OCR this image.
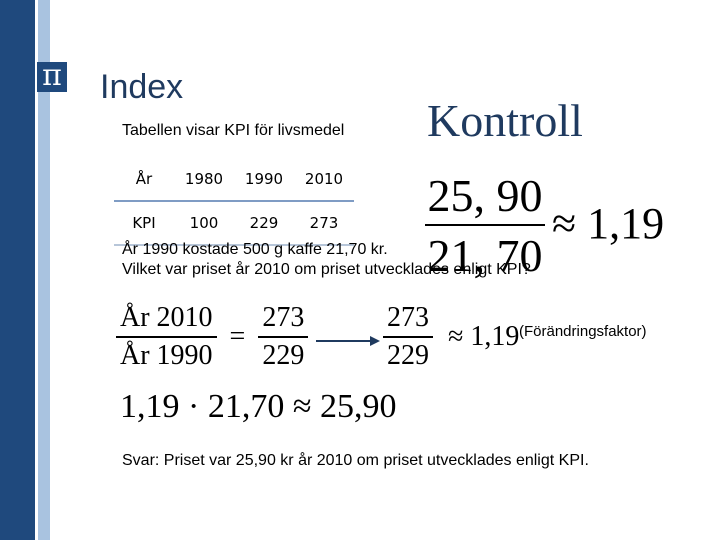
π Index
Tabellen visar KPI för livsmedel Kontroll
År	1980	1990	2010
KPI	100	229	273
År 1990 kostade 500 g kaffe 21,70 kr.
Vilket var priset år 2010 om priset utvecklades enligt KPI?
25, 90
21, 70
≈ 1,19
$\frac{År 2010}{År 1990} = \frac{273}{229}$	$\frac{273}{229} \approx 1,19$ (Förändringsfaktor)
1,19 · 21,70 ≈ 25,90
Svar: Priset var 25,90 kr år 2010 om priset utvecklades enligt KPI.
